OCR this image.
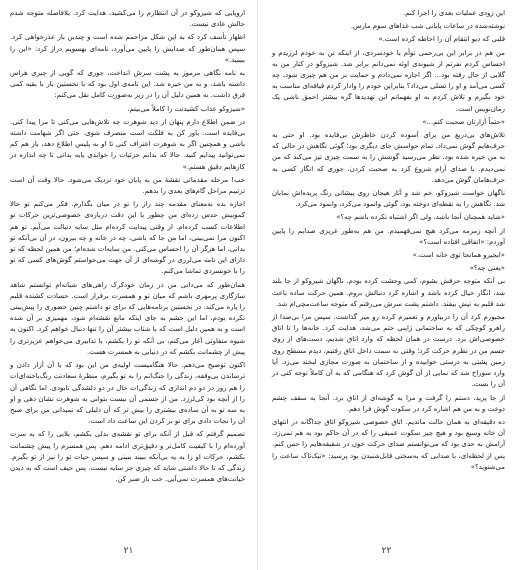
اروپایی که شیزوکو در آن انتظارم را می‌کشید، هدایت کرد. بلافاصله متوجه شدم حالش عادی نیست.

اظهار تأسف کرد که به این شکل مزاحمم شده است و چندین بار عذرخواهی کرد. سپس همان‌طور که صدایش را پایین می‌آورد، نامه‌ای بهسویم دراز کرد: «این را ببینید.»

به نامه نگاهی مرموز به پشت سرش انداخت، جوری که گویی از چیزی هراس داشته باشد، و به من خیره شد. این نامه‌ی اول بود که با نخستین بار با بقیه کمی فرق داشت. به همین دلیل آن را در زیر به‌صورت کامل نقل می‌کنم:

«شیزوکو عذاب کشیدنت را کاملاً می‌بینم.

در ضمن اطلاع دارم پنهان از دید شوهرت چه تلاش‌هایی می‌کنی تا مرا پیدا کنی. بی‌فایده است. باور کن به فلکت است منصرف شوی. حتی اگر شهامت داشته باشی و همچنین اگر به شوهرت اعتراف کنی تا او به پلیس اطلاع دهد، باز هم کم نمی‌توانید پیدایم کنید. حالا که بدانم جزئیات را خواندی پایه بدانی تا چه اندازه در کارهایم دقیق هستم.»

خب! مرحله مقدماتی نقشهٔ من به پایان خود نزدیک می‌شود. حالا وقت آن است ترتیبم مراحل گام‌های بعدی را بدهم.

اجازه بده به‌معنای مقدمه چند راز را تو در میان بگذارم. فکر می‌کنم تو حالا کموبیش حدس زده‌ای من چطور با این دقت درباره‌ی خصوصی‌ترین حرکات تو اطلاعات کسب کرده‌ام. از وقتی پیدایت کرده‌ام مثل سایه دنبالت می‌آیم. تو هم اکنون مرا نمی‌بینی، اما من جا که باشی، چه در خانه و چه بیرون، در آن بی‌آنکه تو بدانی، اما هرگز آن را احساس می‌کنی. من سایه‌ات شده‌ام؛ من همین لحظه که تو دارای این نامه می‌لرزی در گوشه‌ای از آن جهت می‌خواستم گوش‌های کسی که تو را با خونسردی تماشا می‌کنم.

همان‌طور که می‌دانی من در زمان خودکرک راهی‌های شبانه‌ام توانستم شاهد سازگاری پرمهری باشم که میان تو و همسرت برقرار است. حسادت کشنده قلبم را پاره می‌کند. در نخستین برنامه‌هایی که برای تو داشتم چنین حضوری را پیش‌بینی نکرده بودم، اما این خشم به جای اینکه مانع نقشه‌ام شود، مهمیزی بر آن شده است و به همین دلیل است که با شتاب بیشتر آن را تنها دنبال خواهم کرد. اکنون به شیوه متفاوتی آغاز می‌کنم، بی آنکه تو را بکشم، با تدابیری می‌خواهم عزیزتری را پیش از چشمانت بکشم که در دنیایی به همسرت هست.

اکنون توضیح می‌دهم. حالا هنگامیست اولیه‌ی من این بود که با آن آزار دادن و ترساندن بی‌وقفه، زندگی را جنگ‌انم را به تو بگیرم، منظرهٔ سعادتت رنگ‌باخته‌ای‌ات را هم روز در دو دم اندازی که زندگی‌ات حال در دو دلشدگی نابودی. اما نگاهی آن را از آنچه بود کی‌لرزد. من از جسمی آن نیست بتوانی به شوهرت نشان دهی و او به سه تو به آن ساده‌ی بیشتری را بیش تر که آن دلیلی که نمیدانی من برای صبح آن را نجات دادی برای تو بر کردن این ساعت داد است.

تصمیم گرفتم که قبل از آنکه برای تو نقشه‌ی بدلی بکشم، بلایی را که به سرت آورده‌ام را با کیفیت کامل‌تر و دقیق‌تری ادامه دهم. پس همسرم را پیش چشمانت بکشم، حرکات او را یه یه بی‌آنکه ببیند ببینی و سپس حیات تو را نیز از تو بگیرم. زندگی که تا حالا داشتی شاید که چیزی جز سایه نیست. پس حیف است که به دیدن خیانت‌های همسرت نمی‌آیی. خب باز صبر کن.

۲۱

این زودی عملیات بعدی را اجرا کنم.

نوشته‌شده در ساعات پایانی شب غذاهای سوم مارس.

قلبی که دیو انتقام آن را احاطه کرده است.»

من هم در برابر این بی‌رحمی توأم با خودسردی، از اینکه تن به خودم لرزیدم و احساس کردم نفرتم از شیوندی اوئه نمی‌دانم برابر شد. شیزوکو در کنار من به گلایی از حال رفته بود... اگر اجازه نمی‌دادم و حمایت بر من هم چیزی شود، چه کسی می‌آمد و او را تسلی می‌داد؟ بنابراین خودم را وادار کردم قیافه‌ای مناسب به خود بگیرم و تلاش کردم به او بفهمانم این تهدیدها گره بیشتر احمق ناشی یک رمان‌نویس است.

«حتماً آزارتان صحبت کنم...»

تلاش‌های بی‌دریغ من برای آسوده کردن خاطرش بی‌فایده بود. او حتی به حرف‌هایم گوش نمی‌داد. تمام حواسش جای دیگری بود؛ گوئی نگاهش در حالی که به من خیره شده بود، نظر می‌رسید گوشش را به سمت چیزی تیز می‌کند که من نمی‌دیدم. با صدای آرام شروع کرد به صحبت کردن. جوری که انگار کسی به حرف‌هامان گوش می‌دهد.

ناگهان خواست شیزوکو، خم شد و آثار هیجان روی پیشانی رنگ پریده‌اش نمایان شد. نگاهش را به نقطه‌ای دوخته بود، گوئی وانمود می‌کرد، وانمود می‌کرد.

«شاید همچنان آنجا باشد، ولی اگر اشتباه نکرده باشم چه؟»

از آنچه زمزمه می‌کرد هیچ نمی‌فهمیدم. من هم به‌طور غریزی صدایم را پایین آوردم: «اتفاقی افتاده است؟»

«ایجیرو همانجا توی خانه است.»

«یعنی چه؟»

بی آنکه متوجه حرفش بشوم، کمی وحشت کرده بودم. ناگهان شیزوکو از جا بلند شد، انگار خیال کرده باشد و اشاره کرد دنبالش بروم. همین حرکت ساده باعث شد قلبم به تپش بیفتد. داشتم پشت سرش می‌رفتم که متوجه ساعت‌مچی‌ام شد.

مجبورم کرد آن را دربیاورم و تعمیرم کرده رو میز گذاشت. سپس مرا بی‌صدا از راهرو کوچکی که به ساختمانی ژاپنی ختم می‌شد، هدایت کرد. خانه‌ها را تا اتاق خصوصی‌اش برد. درست در همان لحظه که وارد اتاق شدیم، دست‌های از روی جسم من در نظرم حرکت کرد؛ وقتی به سمت داخل اتاق رفتیم، دیدم مسطح روی زمین پشتی به درستی خوابیده و از ساختمان به صورت مجازی لبخند می‌زد. آیا وارد سوراخ شد که نمایی از آن گوش کرد که هنگامی که به آن کاملاً توجه کنی در آن را بست.

از جا پرید، دستم را گرفت و مرا به گوشه‌ای از اتاق برد. آنجا به سقف چشم دوخت و به من هم اشاره کرد در سکوت گوش فرا دهم.

ده دقیقه‌ای به همان حالت ماندیم. اتاق خصوصی شیزوکو اتاق جداگانه در انتهای آن خانه وسیع بود و هیچ چیز سکوت عمیقی را که در آن حاکم بود به هم نمی‌زد. آرامش به حدی بود که می‌توانستم صدای حرکت خون در شقیقه‌هایم را حس کنم. پس از لحظه‌ای، با صدایی که به‌سختی قابل‌شنیدن بود پرسید: «تیک‌تاک ساعت را می‌شنوید؟»

۲۲
